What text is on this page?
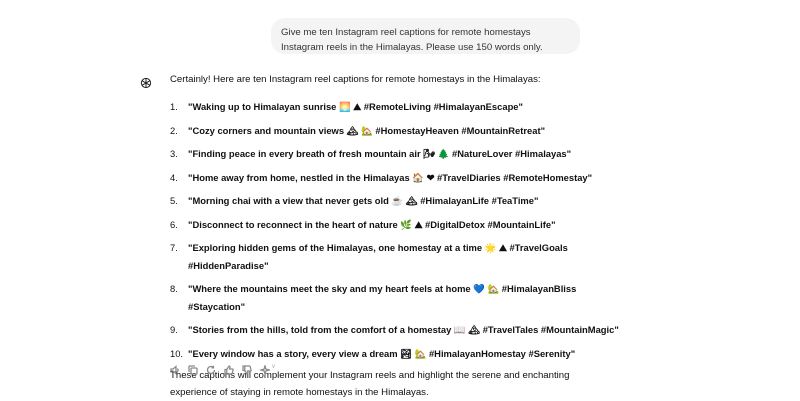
Give me ten Instagram reel captions for remote homestays Instagram reels in the Himalayas. Please use 150 words only.
Certainly! Here are ten Instagram reel captions for remote homestays in the Himalayas:
1.	"Waking up to Himalayan sunrise 🌅 ⛰ #RemoteLiving #HimalayanEscape"
2.	"Cozy corners and mountain views 🏔 🏡 #HomestayHeaven #MountainRetreat"
3.	"Finding peace in every breath of fresh mountain air 🌬 🌲 #NatureLover #Himalayas"
4.	"Home away from home, nestled in the Himalayas 🏠 ❤ #TravelDiaries #RemoteHomestay"
5.	"Morning chai with a view that never gets old ☕ 🏔 #HimalayanLife #TeaTime"
6.	"Disconnect to reconnect in the heart of nature 🌿 ⛰ #DigitalDetox #MountainLife"
7.	"Exploring hidden gems of the Himalayas, one homestay at a time 🌟 ⛰ #TravelGoals #HiddenParadise"
8.	"Where the mountains meet the sky and my heart feels at home 💙 🏡 #HimalayanBliss #Staycation"
9.	"Stories from the hills, told from the comfort of a homestay 📖 🏔 #TravelTales #MountainMagic"
10. "Every window has a story, every view a dream 🏞 🏡 #HimalayanHomestay #Serenity"
These captions will complement your Instagram reels and highlight the serene and enchanting experience of staying in remote homestays in the Himalayas.
v
